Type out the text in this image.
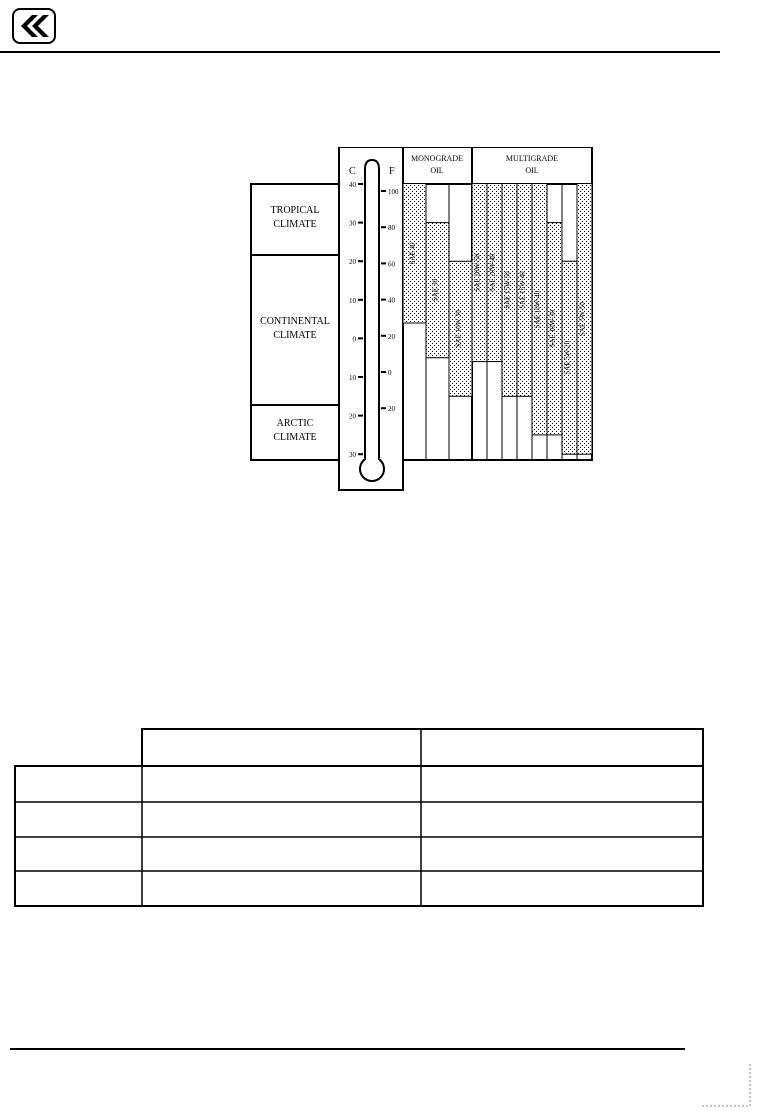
TROPICAL
CLIMATE
CONTINENTAL
CLIMATE
ARCTIC
CLIMATE
C	F
40
30
20
10
0
10
20
30
100
80
60
40
20
0
20
MONOGRADE
OIL
MULTIGRADE
OIL
SAE 40
SAE 30
SAE 10W 30
SAE 20W-50 SAE 20W-40 SAE 15W-50 SAE 15W-40
SAE 10W-40
SAE 10W-30
SAE 5W-20
SAE 5W-50
